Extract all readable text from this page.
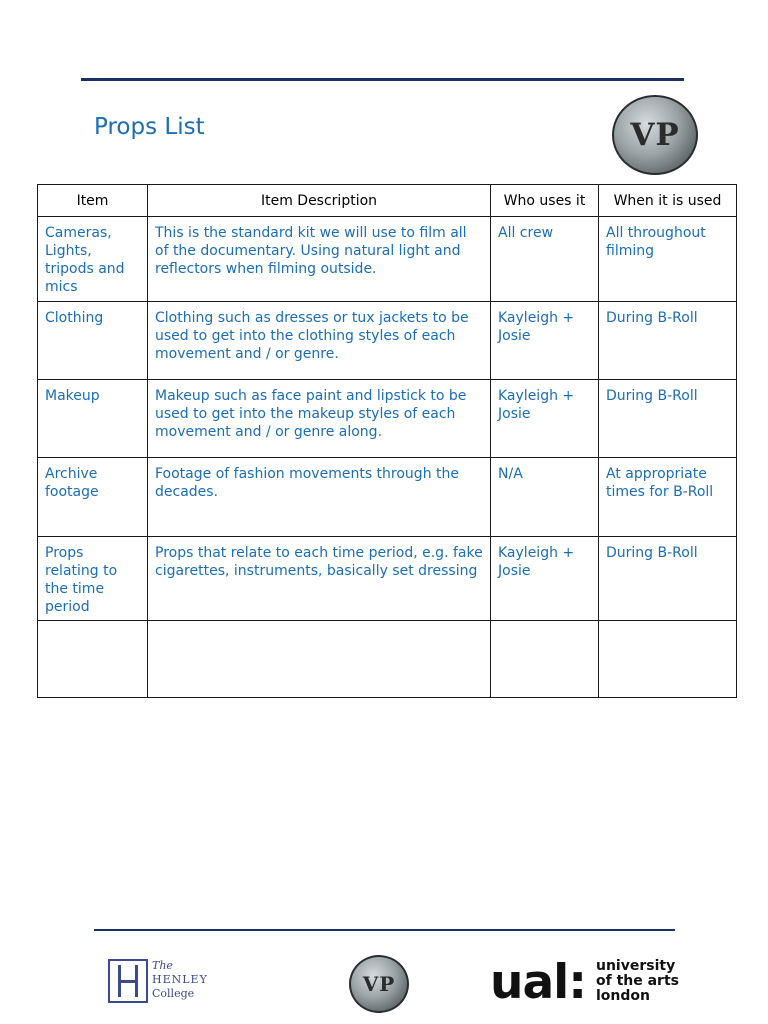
Props List	VP
Item	Item Description	Who uses it	When it is used
Cameras, Lights, tripods and mics	This is the standard kit we will use to film all of the documentary. Using natural light and reflectors when filming outside.	All crew	All throughout filming
Clothing	Clothing such as dresses or tux jackets to be used to get into the clothing styles of each movement and / or genre.	Kayleigh + Josie	During B-Roll
Makeup	Makeup such as face paint and lipstick to be used to get into the makeup styles of each movement and / or genre along.	Kayleigh + Josie	During B-Roll
Archive footage	Footage of fashion movements through the decades.	N/A	At appropriate times for B-Roll
Props relating to the time period	Props that relate to each time period, e.g. fake cigarettes, instruments, basically set dressing	Kayleigh + Josie	During B-Roll

The
HENLEY
College	VP ual: university
of the arts
london
